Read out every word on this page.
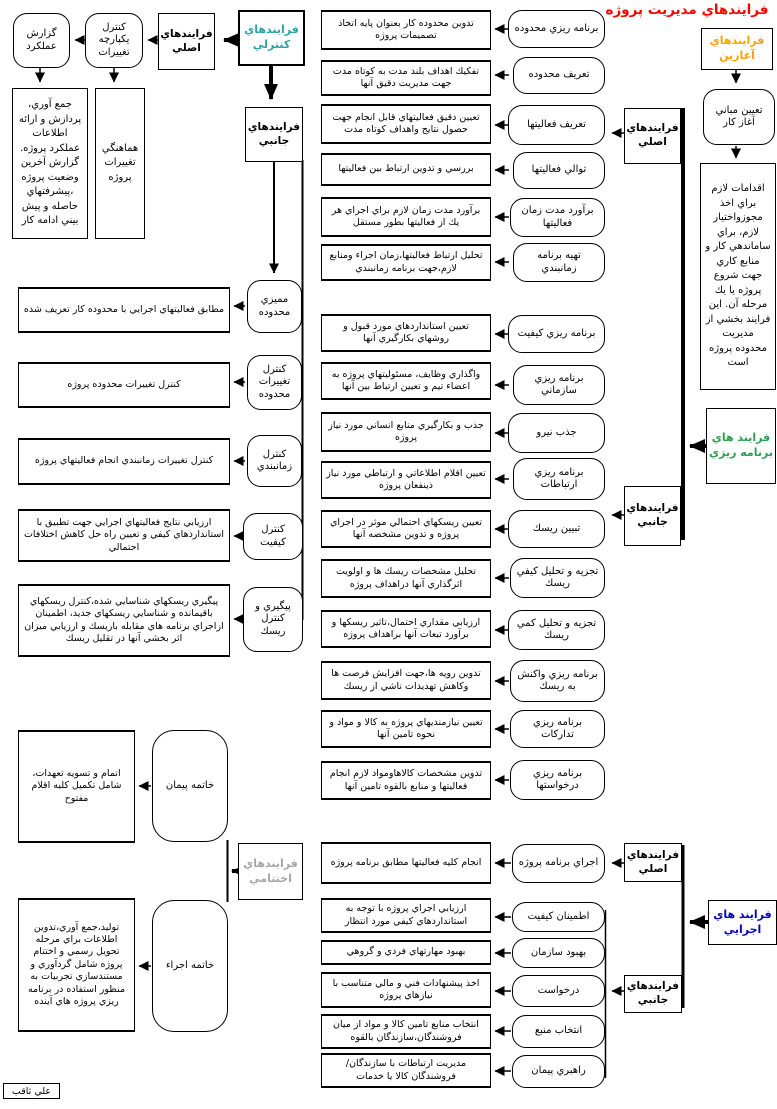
فرایندهاي مدیریت پروژه
فرایندهاي آغازین
تعیین مباني آغاز کار
اقدامات لازم براي اخذ مجوزواختیار لازم، براي ساماندهي کار و منابع کاري جهت شروع پروژه یا یك مرحله آن. این فرایند بخشي از مدیریت محدوده پروژه است
فرایند هاي برنامه ریزي
فرایندهاي اصلي
فرایندهاي جانبي
برنامه ریزي محدوده
تعریف محدوده
تعریف فعالیتها
توالي فعالیتها
برآورد مدت زمان فعالیتها
تهیه برنامه زمانبندي
تدوین محدوده کار بعنوان پایه اتخاذ تصمیمات پروژه
تفکیك اهداف بلند مدت به کوتاه مدت جهت مدیریت دقیق آنها
تعیین دقیق فعالیتهاي قابل انجام جهت حصول نتایج واهداف کوتاه مدت
بررسي و تدوین ارتباط بین فعالیتها
برآورد مدت زمان لازم براي اجراي هر یك از فعالیتها بطور مستقل
تحلیل ارتباط فعالیتها،زمان اجراء ومنابع لازم،جهت برنامه زمانبندي
برنامه ریزي کیفیت
برنامه ریزي سازماني
جذب نیرو
برنامه ریزي ارتباطات
تبیین ریسك
تجزیه و تحلیل کیفي ریسك
تجزیه و تحلیل کمي ریسك
برنامه ریزي واکنش به ریسك
برنامه ریزي تدارکات
برنامه ریزي درخواستها
تعیین استانداردهاي مورد قبول و روشهاي بکارگیري آنها
واگذاري وظایف، مسئولیتهاي پروژه به اعضاء تیم و تعیین ارتباط بین آنها
جذب و بکارگیري منابع انساني مورد نیاز پروژه
تعیین اقلام اطلاعاتي و ارتباطي مورد نیاز ذینفعان پروژه
تعیین ریسکهاي احتمالي موثر در اجراي پروژه و تدوین مشخصه آنها
تحلیل مشخصات ریسك ها و اولویت اثرگذاري آنها دراهداف پروژه
ارزیابي مقداري احتمال،تاثیر ریسکها و برآورد تبعات آنها براهداف پروژه
تدوین رویه ها،جهت افزایش فرصت ها وکاهش تهدیدات ناشي از ریسك
تعیین نیازمندیهاي پروژه به کالا و مواد و نحوه تامین آنها
تدوین مشخصات کالاهاومواد لازم انجام فعالیتها و منابع بالقوه تامین آنها
فرایند هاي اجرایي
فرایندهاي اصلي
فرایندهاي جانبي
اجراي برنامه پروژه
اطمینان کیفیت
بهبود سازمان
درخواست
انتخاب منبع
راهبري پیمان
انجام کلیه فعالیتها مطابق برنامه پروژه
ارزیابي اجراي پروژه با توجه به استانداردهاي کیفي مورد انتظار
بهبود مهارتهاي فردي و گروهي
اخذ پیشنهادات فني و مالي متناسب با نیازهاي پروژه
انتخاب منابع تامین کالا و مواد از میان فروشندگان،سازندگان بالقوه
مدیریت ارتباطات با سازندگان/ فروشندگان کالا یا خدمات
فرایندهاي کنترلي
فرایندهاي اصلي
فرایندهاي جانبي
کنترل یکپارچه تغییرات
گزارش عملکرد
هماهنگي تغییرات پروژه
جمع آوري، پردازش و ارائه اطلاعات عملکرد پروژه. گزارش آخرین وضعیت پروژه ،پیشرفتهاي حاصله و پیش بیني ادامه کار
ممیزي محدوده
کنترل تغییرات محدوده
کنترل زمانبندي
کنترل کیفیت
پیگیري و کنترل ریسك
مطابق فعالیتهاي اجرایي با محدوده کار تعریف شده
کنترل تغییرات محدوده پروژه
کنترل تغییرات زمانبندي انجام فعالیتهاي پروژه
ارزیابي نتایج فعالیتهاي اجرایي جهت تطبیق با استانداردهاي کیفي و تعیین راه حل کاهش اختلافات احتمالي
پیگیري ریسکهاي شناسایي شده،کنترل ریسکهاي باقیمانده و شناسایي ریسکهاي جدید، اطمینان ازاجراي برنامه هاي مقابله باریسك و ارزیابي میزان اثر بخشي آنها در تقلیل ریسك
فرایندهاي اختتامي
خاتمه پیمان
خاتمه اجراء
اتمام و تسویه تعهدات، شامل تکمیل کلیه اقلام مفتوح
تولید،جمع آوري،تدوین اطلاعات براي مرحله تحویل رسمي و اختتام پروژه شامل گردآوري و مستندسازي تجربیات به منظور استفاده در برنامه ریزي پروژه هاي آینده
علي ثاقب
